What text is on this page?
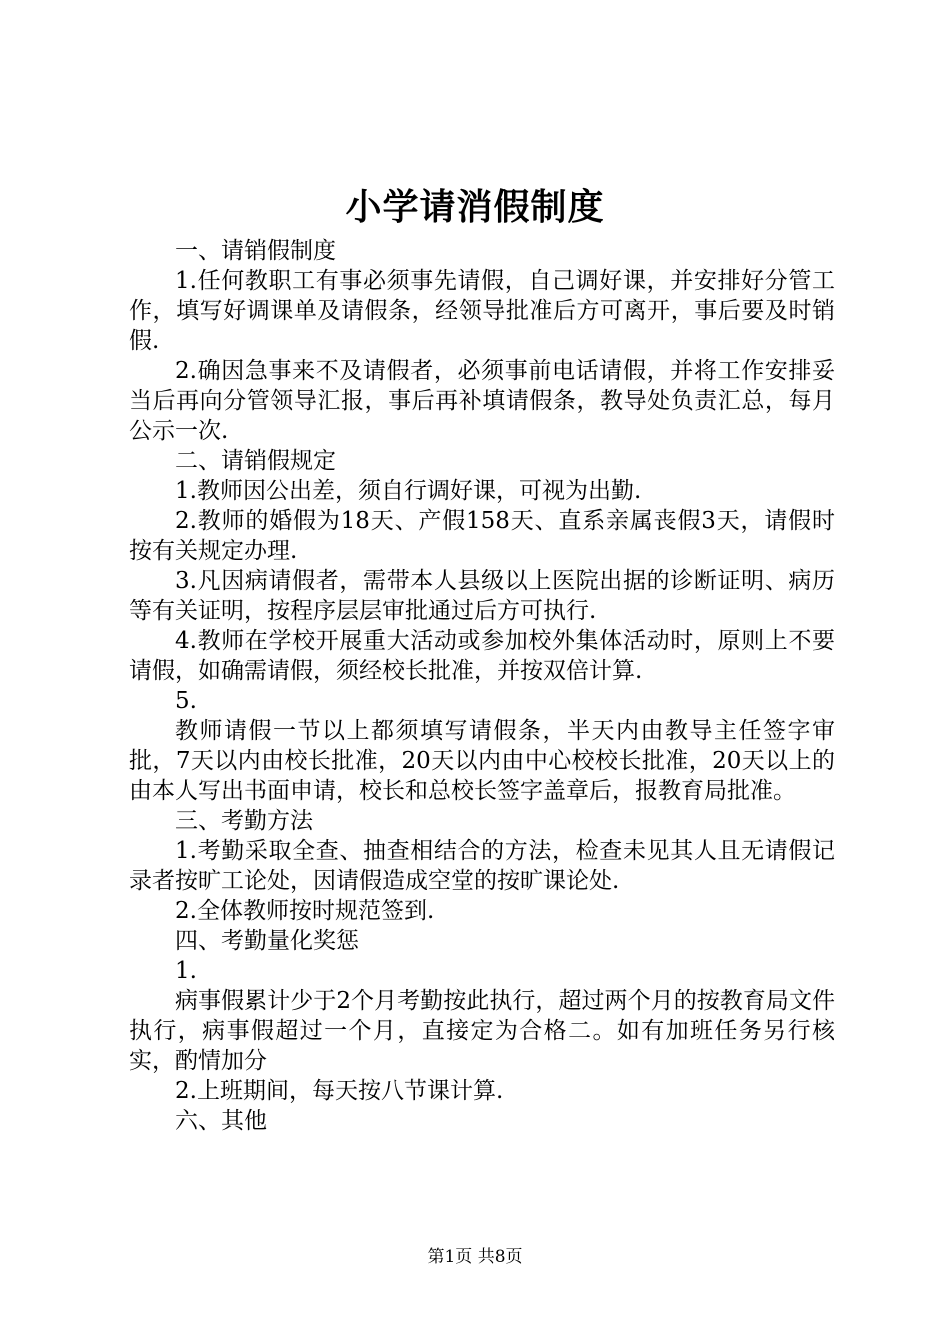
小学请消假制度

一、请销假制度

1.任何教职工有事必须事先请假，自己调好课，并安排好分管工作，填写好调课单及请假条，经领导批准后方可离开，事后要及时销假.

2.确因急事来不及请假者，必须事前电话请假，并将工作安排妥当后再向分管领导汇报，事后再补填请假条，教导处负责汇总，每月公示一次.

二、请销假规定

1.教师因公出差，须自行调好课，可视为出勤.

2.教师的婚假为18天、产假158天、直系亲属丧假3天，请假时按有关规定办理.

3.凡因病请假者，需带本人县级以上医院出据的诊断证明、病历等有关证明，按程序层层审批通过后方可执行.

4.教师在学校开展重大活动或参加校外集体活动时，原则上不要请假，如确需请假，须经校长批准，并按双倍计算.

5.

教师请假一节以上都须填写请假条，半天内由教导主任签字审批，7天以内由校长批准，20天以内由中心校校长批准，20天以上的由本人写出书面申请，校长和总校长签字盖章后，报教育局批准。

三、考勤方法

1.考勤采取全查、抽查相结合的方法，检查未见其人且无请假记录者按旷工论处，因请假造成空堂的按旷课论处.

2.全体教师按时规范签到.

四、考勤量化奖惩

1.

病事假累计少于2个月考勤按此执行，超过两个月的按教育局文件执行，病事假超过一个月，直接定为合格二。如有加班任务另行核实，酌情加分

2.上班期间，每天按八节课计算.

六、其他

第1页 共8页
